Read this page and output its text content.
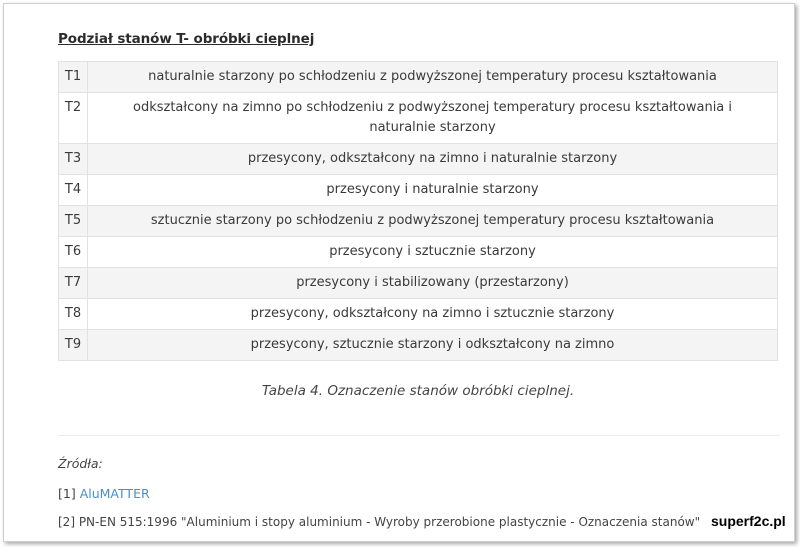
Podział stanów T- obróbki cieplnej
T1	naturalnie starzony po schłodzeniu z podwyższonej temperatury procesu kształtowania
T2	odkształcony na zimno po schłodzeniu z podwyższonej temperatury procesu kształtowania i naturalnie starzony
T3	przesycony, odkształcony na zimno i naturalnie starzony
T4	przesycony i naturalnie starzony
T5	sztucznie starzony po schłodzeniu z podwyższonej temperatury procesu kształtowania
T6	przesycony i sztucznie starzony
T7	przesycony i stabilizowany (przestarzony)
T8	przesycony, odkształcony na zimno i sztucznie starzony
T9	przesycony, sztucznie starzony i odkształcony na zimno
Tabela 4. Oznaczenie stanów obróbki cieplnej.
Źródła:
[1] AluMATTER
[2] PN-EN 515:1996 "Aluminium i stopy aluminium - Wyroby przerobione plastycznie - Oznaczenia stanów" superf2c.pl
